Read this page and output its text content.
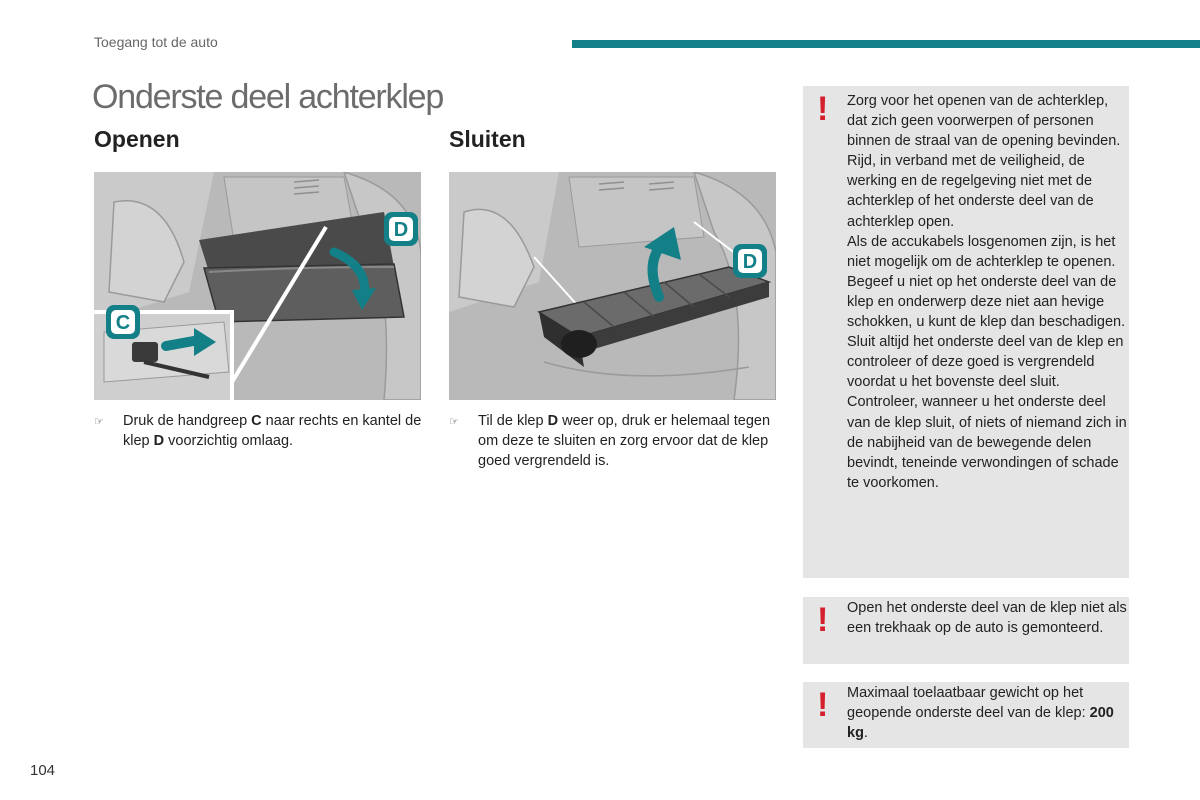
Toegang tot de auto
Onderste deel achterklep
Openen
D
C
☞	Druk de handgreep C naar rechts en kantel de klep D voorzichtig omlaag.
Sluiten
D
☞	Til de klep D weer op, druk er helemaal tegen om deze te sluiten en zorg ervoor dat de klep goed vergrendeld is.
! Zorg voor het openen van de achterklep, dat zich geen voorwerpen of personen binnen de straal van de opening bevinden.

Rijd, in verband met de veiligheid, de werking en de regelgeving niet met de achterklep of het onderste deel van de achterklep open.

Als de accukabels losgenomen zijn, is het niet mogelijk om de achterklep te openen.

Begeef u niet op het onderste deel van de klep en onderwerp deze niet aan hevige schokken, u kunt de klep dan beschadigen.

Sluit altijd het onderste deel van de klep en controleer of deze goed is vergrendeld voordat u het bovenste deel sluit.

Controleer, wanneer u het onderste deel van de klep sluit, of niets of niemand zich in de nabijheid van de bewegende delen bevindt, teneinde verwondingen of schade te voorkomen.

! Open het onderste deel van de klep niet als een trekhaak op de auto is gemonteerd.

! Maximaal toelaatbaar gewicht op het geopende onderste deel van de klep: 200 kg.

104
